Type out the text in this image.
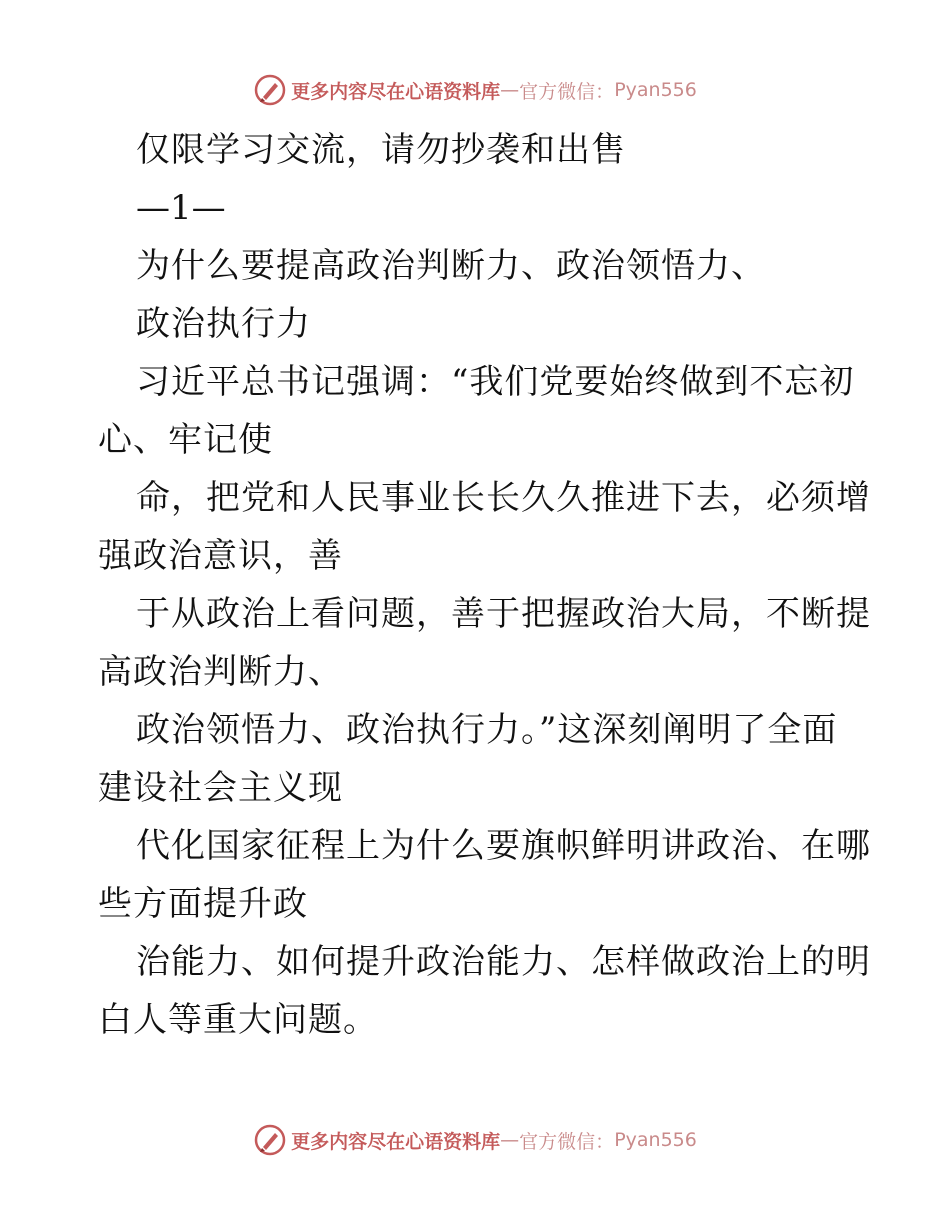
更多内容尽在心语资料库 — 官方微信： Pyan556
仅限学习交流，请勿抄袭和出售
—1—
为什么要提高政治判断力、政治领悟力、
政治执行力
习近平总书记强调：“我们党要始终做到不忘初
心、牢记使
命，把党和人民事业长长久久推进下去，必须增
强政治意识，善
于从政治上看问题，善于把握政治大局，不断提
高政治判断力、
政治领悟力、政治执行力。”这深刻阐明了全面
建设社会主义现
代化国家征程上为什么要旗帜鲜明讲政治、在哪
些方面提升政
治能力、如何提升政治能力、怎样做政治上的明
白人等重大问题。
更多内容尽在心语资料库 — 官方微信： Pyan556
